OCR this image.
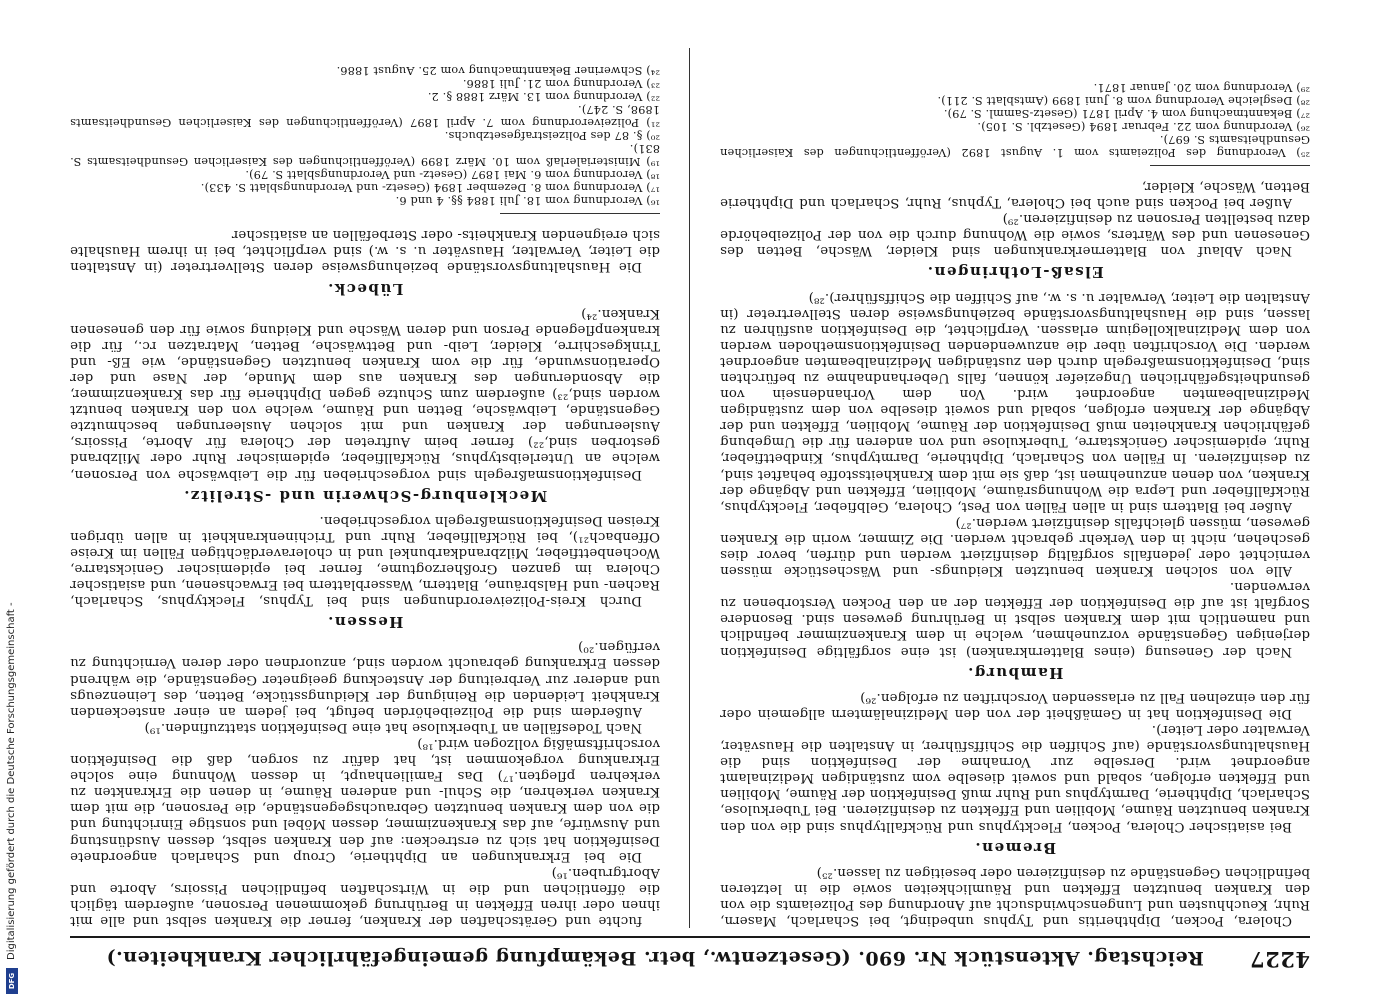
4227
Reichstag. Aktenstück Nr. 690. (Gesetzentw., betr. Bekämpfung gemeingefährlicher Krankheiten.)

Cholera, Pocken, Diphtheritis und Typhus unbedingt, bei Scharlach, Masern, Ruhr, Keuchhusten und Lungenschwindsucht auf Anordnung des Polizeiamts die von den Kranken benutzten Effekten und Räumlichkeiten sowie die in letzteren befindlichen Gegenstände zu desinfizieren oder beseitigen zu lassen.²⁵)

Bremen.

Bei asiatischer Cholera, Pocken, Flecktyphus und Rückfalltyphus sind die von den Kranken benutzten Räume, Mobilien und Effekten zu desinfizieren. Bei Tuberkulose, Scharlach, Diphtherie, Darmtyphus und Ruhr muß Desinfektion der Räume, Mobilien und Effekten erfolgen, sobald und soweit dieselbe vom zuständigen Medizinalamt angeordnet wird. Derselbe zur Vornahme der Desinfektion sind die Haushaltungsvorstände (auf Schiffen die Schiffsführer, in Anstalten die Hausväter, Verwalter oder Leiter).

Die Desinfektion hat in Gemäßheit der von den Medizinalämtern allgemein oder für den einzelnen Fall zu erlassenden Vorschriften zu erfolgen.²⁶)

Hamburg.

Nach der Genesung (eines Blatternkranken) ist eine sorgfältige Desinfektion derjenigen Gegenstände vorzunehmen, welche in dem Krankenzimmer befindlich und namentlich mit dem Kranken selbst in Berührung gewesen sind. Besondere Sorgfalt ist auf die Desinfektion der Effekten der an den Pocken Verstorbenen zu verwenden.

Alle von solchen Kranken benutzten Kleidungs- und Wäschestücke müssen vernichtet oder jedenfalls sorgfältig desinfiziert werden und dürfen, bevor dies geschehen, nicht in den Verkehr gebracht werden. Die Zimmer, worin die Kranken gewesen, müssen gleichfalls desinfiziert werden.²⁷)

Außer bei Blattern sind in allen Fällen von Pest, Cholera, Gelbfieber, Flecktyphus, Rückfallfieber und Lepra die Wohnungsräume, Mobilien, Effekten und Abgänge der Kranken, von denen anzunehmen ist, daß sie mit dem Krankheitsstoffe behaftet sind, zu desinfizieren. In Fällen von Scharlach, Diphtherie, Darmtyphus, Kindbettfieber, Ruhr, epidemischer Genickstarre, Tuberkulose und von anderen für die Umgebung gefährlichen Krankheiten muß Desinfektion der Räume, Mobilien, Effekten und der Abgänge der Kranken erfolgen, sobald und soweit dieselbe von dem zuständigen Medizinalbeamten angeordnet wird. Von dem Vorhandensein von gesundheitsgefährlichen Ungeziefer können, falls Ueberhandnahme zu befürchten sind, Desinfektionsmaßregeln durch den zuständigen Medizinalbeamten angeordnet werden. Die Vorschriften über die anzuwendenden Desinfektionsmethoden werden von dem Medizinalkollegium erlassen. Verpflichtet, die Desinfektion ausführen zu lassen, sind die Haushaltungsvorstände beziehungsweise deren Stellvertreter (in Anstalten die Leiter, Verwalter u. s. w., auf Schiffen die Schiffsführer).²⁸)

Elsaß-Lothringen.

Nach Ablauf von Blatternerkrankungen sind Kleider, Wäsche, Betten des Genesenen und des Wärters, sowie die Wohnung durch die von der Polizeibehörde dazu bestellten Personen zu desinfizieren.²⁹)

Außer bei Pocken sind auch bei Cholera, Typhus, Ruhr, Scharlach und Diphtherie Betten, Wäsche, Kleider,

²⁵) Verordnung des Polizeiamts vom 1. August 1892 (Veröffentlichungen des Kaiserlichen Gesundheitsamts S. 697).

²⁶) Verordnung vom 22. Februar 1894 (Gesetzbl. S. 105).

²⁷) Bekanntmachung vom 4. April 1871 (Gesetz-Samml. S. 79).

²⁸) Desgleiche Verordnung vom 8. Juni 1899 (Amtsblatt S. 211).

²⁹) Verordnung vom 20. Januar 1871.

fuchte und Gerätschaften der Kranken, ferner die Kranken selbst und alle mit ihnen oder ihren Effekten in Berührung gekommenen Personen, außerdem täglich die öffentlichen und die in Wirtschaften befindlichen Pissoirs, Aborte und Abortgruben.¹⁶)

Die bei Erkrankungen an Diphtherie, Croup und Scharlach angeordnete Desinfektion hat sich zu erstrecken: auf den Kranken selbst, dessen Ausdünstung und Auswürfe, auf das Krankenzimmer, dessen Möbel und sonstige Einrichtung und die von dem Kranken benutzten Gebrauchsgegenstände, die Personen, die mit dem Kranken verkehren, die Schul- und anderen Räume, in denen die Erkrankten zu verkehren pflegten.¹⁷) Das Familienhaupt, in dessen Wohnung eine solche Erkrankung vorgekommen ist, hat dafür zu sorgen, daß die Desinfektion vorschriftsmäßig vollzogen wird.¹⁸)

Nach Todesfällen an Tuberkulose hat eine Desinfektion stattzufinden.¹⁹)

Außerdem sind die Polizeibehörden befugt, bei jedem an einer ansteckenden Krankheit Leidenden die Reinigung der Kleidungsstücke, Betten, des Leinenzeugs und anderer zur Verbreitung der Ansteckung geeigneter Gegenstände, die während dessen Erkrankung gebraucht worden sind, anzuordnen oder deren Vernichtung zu verfügen.²⁰)

Hessen.

Durch Kreis-Polizeiverordnungen sind bei Typhus, Flecktyphus, Scharlach, Rachen- und Halsbräune, Blattern, Wasserblattern bei Erwachsenen, und asiatischer Cholera im ganzen Großherzogtume, ferner bei epidemischer Genickstarre, Wochenbettfieber, Milzbrandkarbunkel und in choleraverdächtigen Fällen im Kreise Offenbach²¹), bei Rückfallfieber, Ruhr und Trichinenkrankheit in allen übrigen Kreisen Desinfektionsmaßregeln vorgeschrieben.

Mecklenburg-Schwerin und -Strelitz.

Desinfektionsmaßregeln sind vorgeschrieben für die Leibwäsche von Personen, welche an Unterleibstyphus, Rückfallfieber, epidemischer Ruhr oder Milzbrand gestorben sind,²²) ferner beim Auftreten der Cholera für Aborte, Pissoirs, Ausleerungen der Kranken und mit solchen Ausleerungen beschmutzte Gegenstände, Leibwäsche, Betten und Räume, welche von den Kranken benutzt worden sind,²³) außerdem zum Schutze gegen Diphtherie für das Krankenzimmer, die Absonderungen des Kranken aus dem Munde, der Nase und der Operationswunde, für die vom Kranken benutzten Gegenstände, wie Eß- und Trinkgeschirre, Kleider, Leib- und Bettwäsche, Betten, Matratzen rc., für die krankenpflegende Person und deren Wäsche und Kleidung sowie für den genesenen Kranken.²⁴)

Lübeck.

Die Haushaltungsvorstände beziehungsweise deren Stellvertreter (in Anstalten die Leiter, Verwalter, Hausväter u. s. w.) sind verpflichtet, bei in ihrem Haushalte sich ereignenden Krankheits- oder Sterbefällen an asiatischer

¹⁶) Verordnung vom 18. Juli 1884 §§. 4 und 6.

¹⁷) Verordnung vom 8. Dezember 1894 (Gesetz- und Verordnungsblatt S. 433).

¹⁸) Verordnung vom 6. Mai 1897 (Gesetz- und Verordnungsblatt S. 79).

¹⁹) Ministerialerlaß vom 10. März 1899 (Veröffentlichungen des Kaiserlichen Gesundheitsamts S. 831).

²⁰) §. 87 des Polizeistrafgesetzbuchs.

²¹) Polizeiverordnung vom 7. April 1897 (Veröffentlichungen des Kaiserlichen Gesundheitsamts 1898, S. 247).

²²) Verordnung vom 13. März 1888 §. 2.

²³) Verordnung vom 21. Juli 1886.

²⁴) Schweriner Bekanntmachung vom 25. August 1886.

Digitalisierung gefördert durch die Deutsche Forschungsgemeinschaft -
DFG
